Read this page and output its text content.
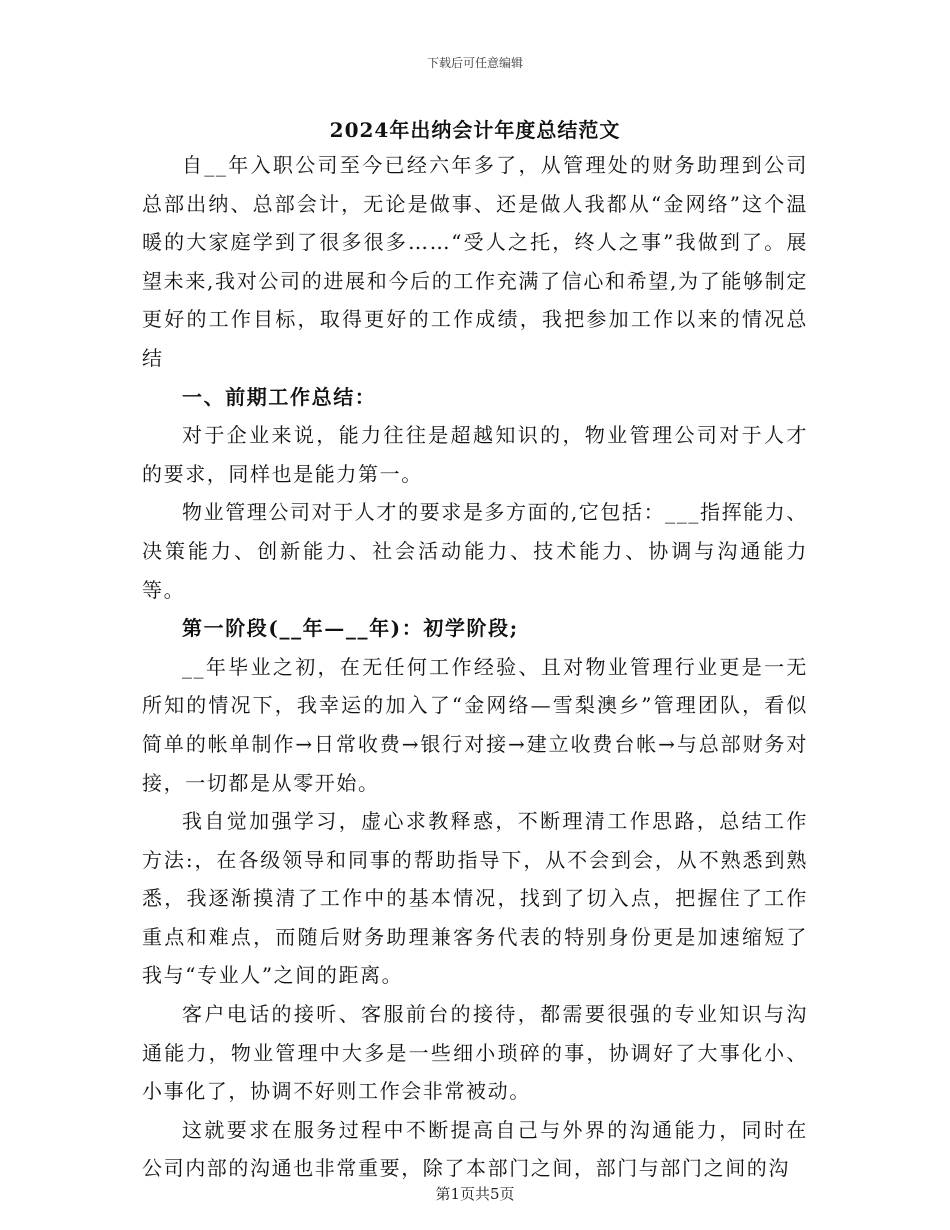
下载后可任意编辑
2024年出纳会计年度总结范文

自__年入职公司至今已经六年多了，从管理处的财务助理到公司总部出纳、总部会计，无论是做事、还是做人我都从“金网络”这个温暖的大家庭学到了很多很多……“受人之托，终人之事”我做到了。展望未来,我对公司的进展和今后的工作充满了信心和希望,为了能够制定更好的工作目标，取得更好的工作成绩，我把参加工作以来的情况总结

一、前期工作总结：

对于企业来说，能力往往是超越知识的，物业管理公司对于人才的要求，同样也是能力第一。

物业管理公司对于人才的要求是多方面的,它包括：___指挥能力、决策能力、创新能力、社会活动能力、技术能力、协调与沟通能力等。

第一阶段(__年—__年)：初学阶段;

__年毕业之初，在无任何工作经验、且对物业管理行业更是一无所知的情况下，我幸运的加入了“金网络—雪梨澳乡”管理团队，看似简单的帐单制作→日常收费→银行对接→建立收费台帐→与总部财务对接，一切都是从零开始。

我自觉加强学习，虚心求教释惑，不断理清工作思路，总结工作方法:，在各级领导和同事的帮助指导下，从不会到会，从不熟悉到熟悉，我逐渐摸清了工作中的基本情况，找到了切入点，把握住了工作重点和难点，而随后财务助理兼客务代表的特别身份更是加速缩短了我与“专业人”之间的距离。

客户电话的接听、客服前台的接待，都需要很强的专业知识与沟通能力，物业管理中大多是一些细小琐碎的事，协调好了大事化小、小事化了，协调不好则工作会非常被动。

这就要求在服务过程中不断提高自己与外界的沟通能力，同时在公司内部的沟通也非常重要，除了本部门之间，部门与部门之间的沟

第1页共5页
